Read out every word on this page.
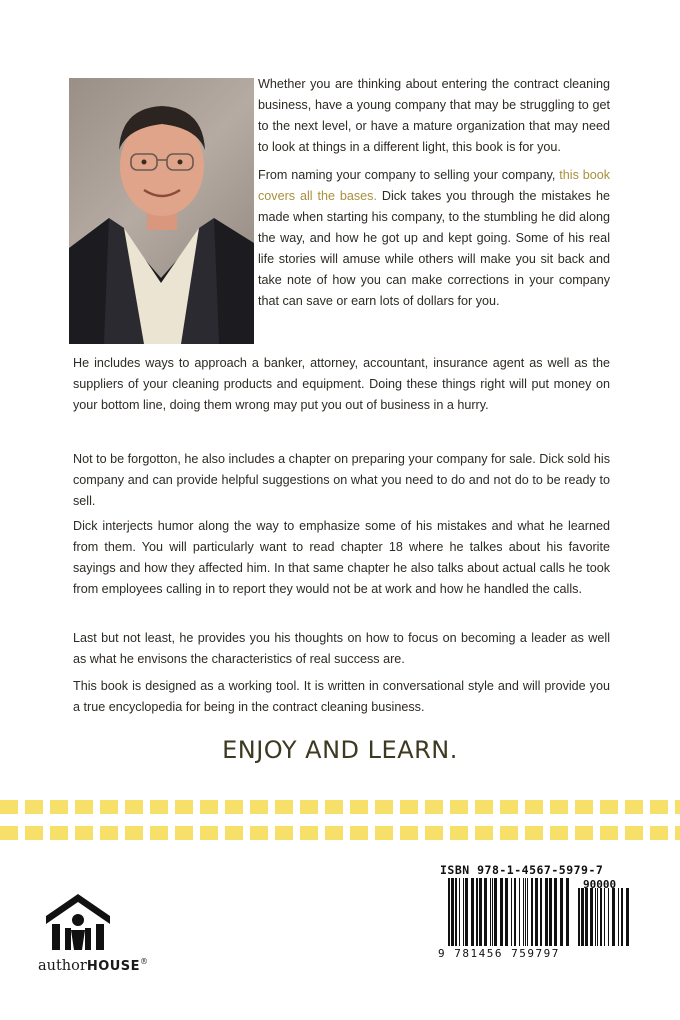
Whether you are thinking about entering the contract cleaning business, have a young company that may be struggling to get to the next level, or have a mature organization that may need to look at things in a different light, this book is for you.

From naming your company to selling your company, this book covers all the bases. Dick takes you through the mistakes he made when starting his company, to the stumbling he did along the way, and how he got up and kept going. Some of his real life stories will amuse while others will make you sit back and take note of how you can make corrections in your company that can save or earn lots of dollars for you.

He includes ways to approach a banker, attorney, accountant, insurance agent as well as the suppliers of your cleaning products and equipment. Doing these things right will put money on your bottom line, doing them wrong may put you out of business in a hurry.

Not to be forgotton, he also includes a chapter on preparing your company for sale. Dick sold his company and can provide helpful suggestions on what you need to do and not do to be ready to sell.

Dick interjects humor along the way to emphasize some of his mistakes and what he learned from them. You will particularly want to read chapter 18 where he talkes about his favorite sayings and how they affected him. In that same chapter he also talks about actual calls he took from employees calling in to report they would not be at work and how he handled the calls.

Last but not least, he provides you his thoughts on how to focus on becoming a leader as well as what he envisons the characteristics of real success are.

This book is designed as a working tool. It is written in conversational style and will provide you a true encyclopedia for being in the contract cleaning business.

ENJOY AND LEARN.
authorHOUSE®
ISBN 978-1-4567-5979-7
90000
9 781456 759797
